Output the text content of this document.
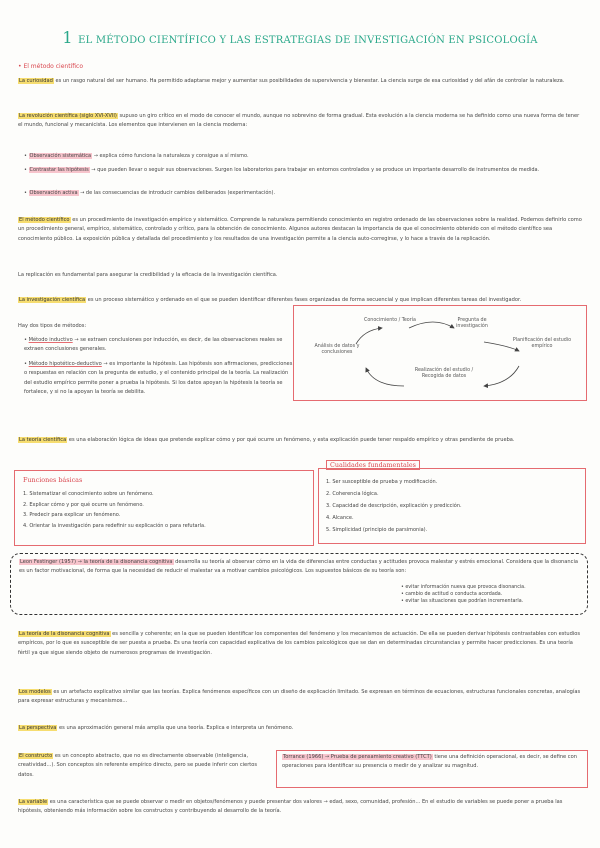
1 EL MÉTODO CIENTÍFICO Y LAS ESTRATEGIAS DE INVESTIGACIÓN EN PSICOLOGÍA
• El método científico
La curiosidad es un rasgo natural del ser humano. Ha permitido adaptarse mejor y aumentar sus posibilidades de supervivencia y bienestar. La ciencia surge de esa curiosidad y del afán de controlar la naturaleza.
La revolución científica (siglo XVI-XVII) supuso un giro crítico en el modo de conocer el mundo, aunque no sobrevino de forma gradual. Esta evolución a la ciencia moderna se ha definido como una nueva forma de tener el mundo, funcional y mecanicista. Los elementos que intervienen en la ciencia moderna:
• Observación sistemática → explica cómo funciona la naturaleza y consigue a sí mismo.
• Contrastar las hipótesis → que pueden llevar o seguir sus observaciones. Surgen los laboratorios para trabajar en entornos controlados y se produce un importante desarrollo de instrumentos de medida.
• Observación activa → de las consecuencias de introducir cambios deliberados (experimentación).
El método científico es un procedimiento de investigación empírico y sistemático. Comprende la naturaleza permitiendo conocimiento en registro ordenado de las observaciones sobre la realidad. Podemos definirlo como un procedimiento general, empírico, sistemático, controlado y crítico, para la obtención de conocimiento. Algunos autores destacan la importancia de que el conocimiento obtenido con el método científico sea conocimiento público. La exposición pública y detallada del procedimiento y los resultados de una investigación permite a la ciencia auto-corregirse, y lo hace a través de la replicación.
La replicación es fundamental para asegurar la credibilidad y la eficacia de la investigación científica.
La investigación científica es un proceso sistemático y ordenado en el que se pueden identificar diferentes fases organizadas de forma secuencial y que implican diferentes tareas del investigador.
Hay dos tipos de métodos:
• Método inductivo → se extraen conclusiones por inducción, es decir, de las observaciones reales se extraen conclusiones generales.
• Método hipotético-deductivo → es importante la hipótesis. Las hipótesis son afirmaciones, predicciones o respuestas en relación con la pregunta de estudio, y el contenido principal de la teoría. La realización del estudio empírico permite poner a prueba la hipótesis. Si los datos apoyan la hipótesis la teoría se fortalece, y si no la apoyan la teoría se debilita.
Conocimiento / Teoría	Pregunta de investigación
Planificación del estudio empírico
Realización del estudio / Recogida de datos
Análisis de datos y conclusiones
La teoría científica es una elaboración lógica de ideas que pretende explicar cómo y por qué ocurre un fenómeno, y esta explicación puede tener respaldo empírico y otras pendiente de prueba.
Funciones básicas
1. Sistematizar el conocimiento sobre un fenómeno.
2. Explicar cómo y por qué ocurre un fenómeno.
3. Predecir para explicar un fenómeno.
4. Orientar la investigación para redefinir su explicación o para refutarla.
Cualidades fundamentales
1. Ser susceptible de prueba y modificación.
2. Coherencia lógica.
3. Capacidad de descripción, explicación y predicción.
4. Alcance.
5. Simplicidad (principio de parsimonia).
Leon Festinger (1957) → la teoría de la disonancia cognitiva desarrolla su teoría al observar cómo en la vida de diferencias entre conductas y actitudes provoca malestar y estrés emocional. Considera que la disonancia es un factor motivacional, de forma que la necesidad de reducir el malestar va a motivar cambios psicológicos. Los supuestos básicos de su teoría son:
• evitar información nueva que provoca disonancia.
• cambio de actitud o conducta acordada.
• evitar las situaciones que podrían incrementarla.
La teoría de la disonancia cognitiva es sencilla y coherente; en la que se pueden identificar los componentes del fenómeno y los mecanismos de actuación. De ella se pueden derivar hipótesis contrastables con estudios empíricos, por lo que es susceptible de ser puesta a prueba. Es una teoría con capacidad explicativa de los cambios psicológicos que se dan en determinadas circunstancias y permite hacer predicciones. Es una teoría fértil ya que sigue siendo objeto de numerosos programas de investigación.
Los modelos es un artefacto explicativo similar que las teorías. Explica fenómenos específicos con un diseño de explicación limitado. Se expresan en términos de ecuaciones, estructuras funcionales concretas, analogías para expresar estructuras y mecanismos...
La perspectiva es una aproximación general más amplia que una teoría. Explica e interpreta un fenómeno.
El constructo es un concepto abstracto, que no es directamente observable (inteligencia, creatividad...). Son conceptos sin referente empírico directo, pero se puede inferir con ciertos datos.
Torrance (1966) → Prueba de pensamiento creativo (TTCT) tiene una definición operacional, es decir, se define con operaciones para identificar su presencia o medir de y analizar su magnitud.
La variable es una característica que se puede observar o medir en objetos/fenómenos y puede presentar dos valores → edad, sexo, comunidad, profesión... En el estudio de variables se puede poner a prueba las hipótesis, obteniendo más información sobre los constructos y contribuyendo al desarrollo de la teoría.
